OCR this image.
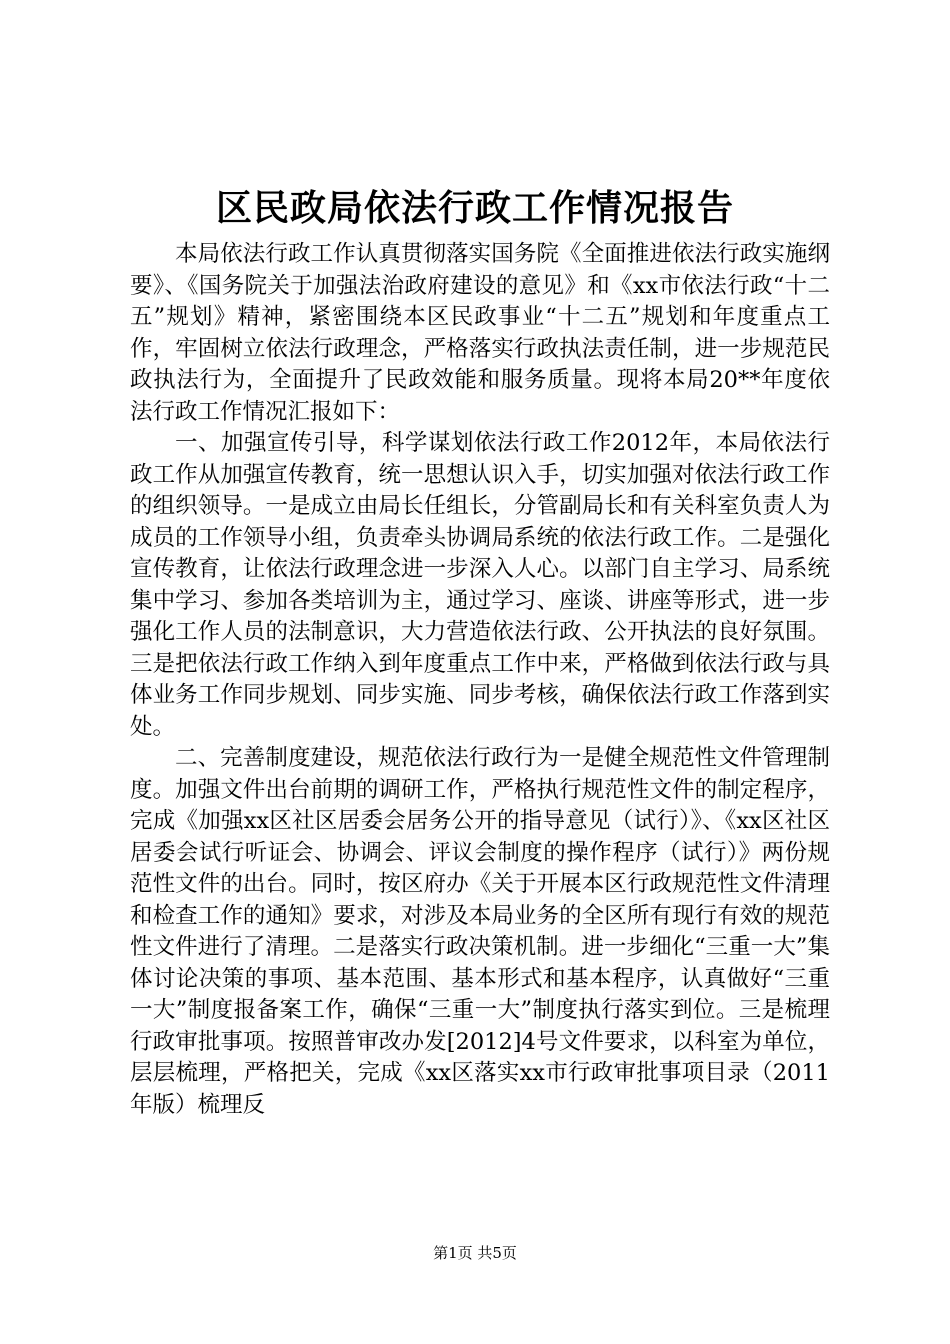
区民政局依法行政工作情况报告

本局依法行政工作认真贯彻落实国务院《全面推进依法行政实施纲要》、《国务院关于加强法治政府建设的意见》和《xx市依法行政“十二五”规划》精神，紧密围绕本区民政事业“十二五”规划和年度重点工作，牢固树立依法行政理念，严格落实行政执法责任制，进一步规范民政执法行为，全面提升了民政效能和服务质量。现将本局20**年度依法行政工作情况汇报如下：

一、加强宣传引导，科学谋划依法行政工作2012年，本局依法行政工作从加强宣传教育，统一思想认识入手，切实加强对依法行政工作的组织领导。一是成立由局长任组长，分管副局长和有关科室负责人为成员的工作领导小组，负责牵头协调局系统的依法行政工作。二是强化宣传教育，让依法行政理念进一步深入人心。以部门自主学习、局系统集中学习、参加各类培训为主，通过学习、座谈、讲座等形式，进一步强化工作人员的法制意识，大力营造依法行政、公开执法的良好氛围。三是把依法行政工作纳入到年度重点工作中来，严格做到依法行政与具体业务工作同步规划、同步实施、同步考核，确保依法行政工作落到实处。

二、完善制度建设，规范依法行政行为一是健全规范性文件管理制度。加强文件出台前期的调研工作，严格执行规范性文件的制定程序，完成《加强xx区社区居委会居务公开的指导意见（试行）》、《xx区社区居委会试行听证会、协调会、评议会制度的操作程序（试行）》两份规范性文件的出台。同时，按区府办《关于开展本区行政规范性文件清理和检查工作的通知》要求，对涉及本局业务的全区所有现行有效的规范性文件进行了清理。二是落实行政决策机制。进一步细化“三重一大”集体讨论决策的事项、基本范围、基本形式和基本程序，认真做好“三重一大”制度报备案工作，确保“三重一大”制度执行落实到位。三是梳理行政审批事项。按照普审改办发[2012]4号文件要求，以科室为单位，层层梳理，严格把关，完成《xx区落实xx市行政审批事项目录（2011年版）梳理反

第1页 共5页
